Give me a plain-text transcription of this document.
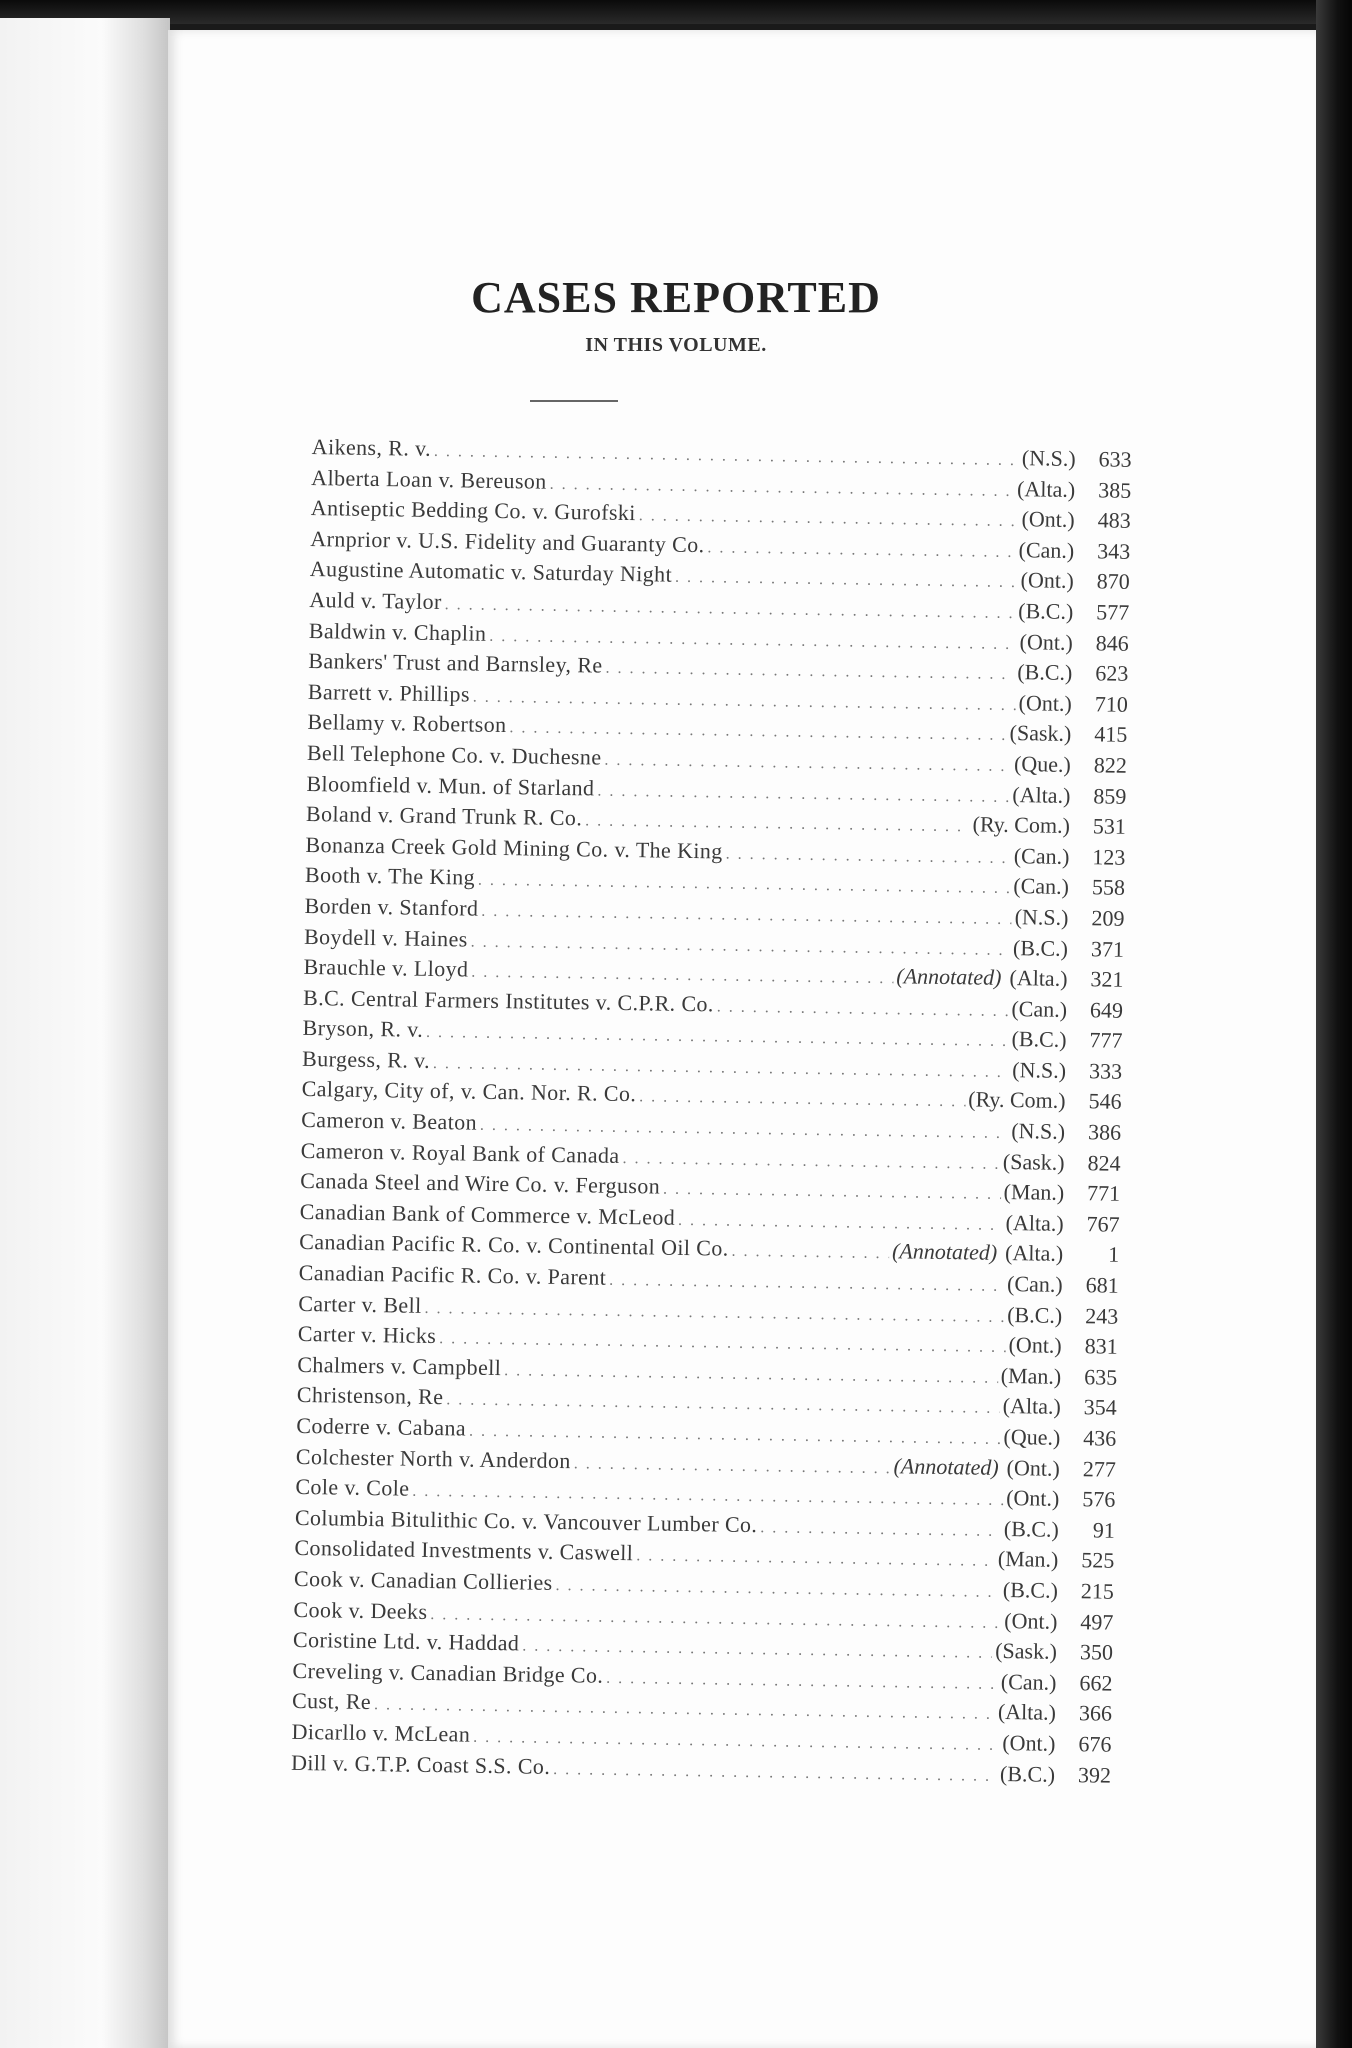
CASES REPORTED
IN THIS VOLUME.
Aikens, R. v. . . .	(N.S.)	633
Alberta Loan v. Bereuson . . .	(Alta.)	385
Antiseptic Bedding Co. v. Gurofski . . .	(Ont.)	483
Arnprior v. U.S. Fidelity and Guaranty Co. . . .	(Can.)	343
Augustine Automatic v. Saturday Night . . .	(Ont.)	870
Auld v. Taylor . . .	(B.C.)	577
Baldwin v. Chaplin . . .	(Ont.)	846
Bankers' Trust and Barnsley, Re . . .	(B.C.)	623
Barrett v. Phillips . . .	(Ont.)	710
Bellamy v. Robertson . . .	(Sask.)	415
Bell Telephone Co. v. Duchesne . . .	(Que.)	822
Bloomfield v. Mun. of Starland . . .	(Alta.)	859
Boland v. Grand Trunk R. Co. . . .	(Ry. Com.)	531
Bonanza Creek Gold Mining Co. v. The King . . .	(Can.)	123
Booth v. The King . . .	(Can.)	558
Borden v. Stanford . . .	(N.S.)	209
Boydell v. Haines . . .	(B.C.)	371
Brauchle v. Lloyd . . .	(Annotated) (Alta.)	321
B.C. Central Farmers Institutes v. C.P.R. Co. . . .	(Can.)	649
Bryson, R. v. . . .	(B.C.)	777
Burgess, R. v. . . .	(N.S.)	333
Calgary, City of, v. Can. Nor. R. Co. . . .	(Ry. Com.)	546
Cameron v. Beaton . . .	(N.S.)	386
Cameron v. Royal Bank of Canada . . .	(Sask.)	824
Canada Steel and Wire Co. v. Ferguson . . .	(Man.)	771
Canadian Bank of Commerce v. McLeod . . .	(Alta.)	767
Canadian Pacific R. Co. v. Continental Oil Co. . . .	(Annotated) (Alta.)	1
Canadian Pacific R. Co. v. Parent . . .	(Can.)	681
Carter v. Bell . . .	(B.C.)	243
Carter v. Hicks . . .	(Ont.)	831
Chalmers v. Campbell . . .	(Man.)	635
Christenson, Re . . .	(Alta.)	354
Coderre v. Cabana . . .	(Que.)	436
Colchester North v. Anderdon . . .	(Annotated) (Ont.)	277
Cole v. Cole . . .	(Ont.)	576
Columbia Bitulithic Co. v. Vancouver Lumber Co. . . .	(B.C.)	91
Consolidated Investments v. Caswell . . .	(Man.)	525
Cook v. Canadian Collieries . . .	(B.C.)	215
Cook v. Deeks . . .	(Ont.)	497
Coristine Ltd. v. Haddad . . .	(Sask.)	350
Creveling v. Canadian Bridge Co. . . .	(Can.)	662
Cust, Re . . .	(Alta.)	366
Dicarllo v. McLean . . .	(Ont.)	676
Dill v. G.T.P. Coast S.S. Co. . . .	(B.C.)	392
